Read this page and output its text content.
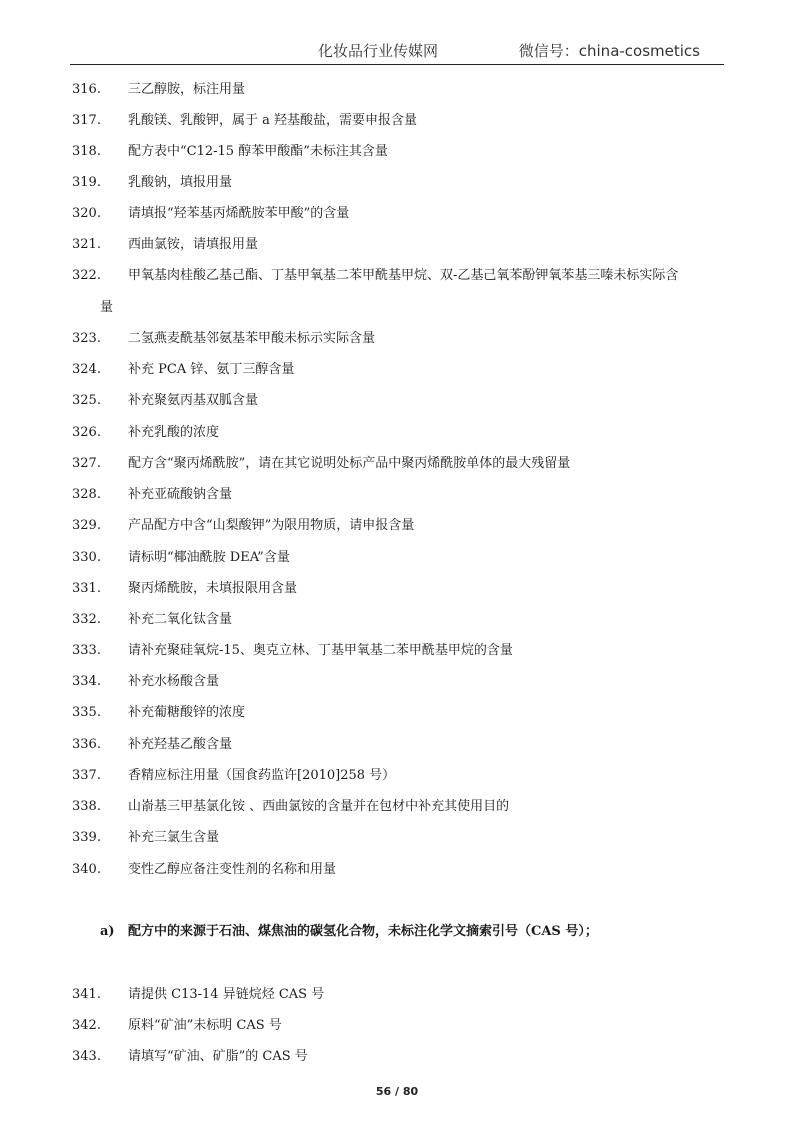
化妆品行业传媒网	微信号：china-cosmetics
316.	三乙醇胺，标注用量
317.	乳酸镁、乳酸钾，属于 a 羟基酸盐，需要申报含量
318.	配方表中“C12-15 醇苯甲酸酯”未标注其含量
319.	乳酸钠，填报用量
320.	请填报“羟苯基丙烯酰胺苯甲酸”的含量
321.	西曲氯铵，请填报用量
322.	甲氧基肉桂酸乙基己酯、丁基甲氧基二苯甲酰基甲烷、双-乙基己氧苯酚钾氧苯基三嗪未标实际含
量
323.	二氢燕麦酰基邻氨基苯甲酸未标示实际含量
324.	补充 PCA 锌、氨丁三醇含量
325.	补充聚氨丙基双胍含量
326.	补充乳酸的浓度
327.	配方含“聚丙烯酰胺”，请在其它说明处标产品中聚丙烯酰胺单体的最大残留量
328.	补充亚硫酸钠含量
329.	产品配方中含“山梨酸钾”为限用物质，请申报含量
330.	请标明“椰油酰胺 DEA”含量
331.	聚丙烯酰胺，未填报限用含量
332.	补充二氧化钛含量
333.	请补充聚硅氧烷-15、奥克立林、丁基甲氧基二苯甲酰基甲烷的含量
334.	补充水杨酸含量
335.	补充葡糖酸锌的浓度
336.	补充羟基乙酸含量
337.	香精应标注用量（国食药监许[2010]258 号）
338.	山嵛基三甲基氯化铵 、西曲氯铵的含量并在包材中补充其使用目的
339.	补充三氯生含量
340.	变性乙醇应备注变性剂的名称和用量
a) 配方中的来源于石油、煤焦油的碳氢化合物，未标注化学文摘索引号（CAS 号）；
341.	请提供 C13-14 异链烷烃 CAS 号
342.	原料“矿油”未标明 CAS 号
343.	请填写“矿油、矿脂”的 CAS 号
56 / 80
